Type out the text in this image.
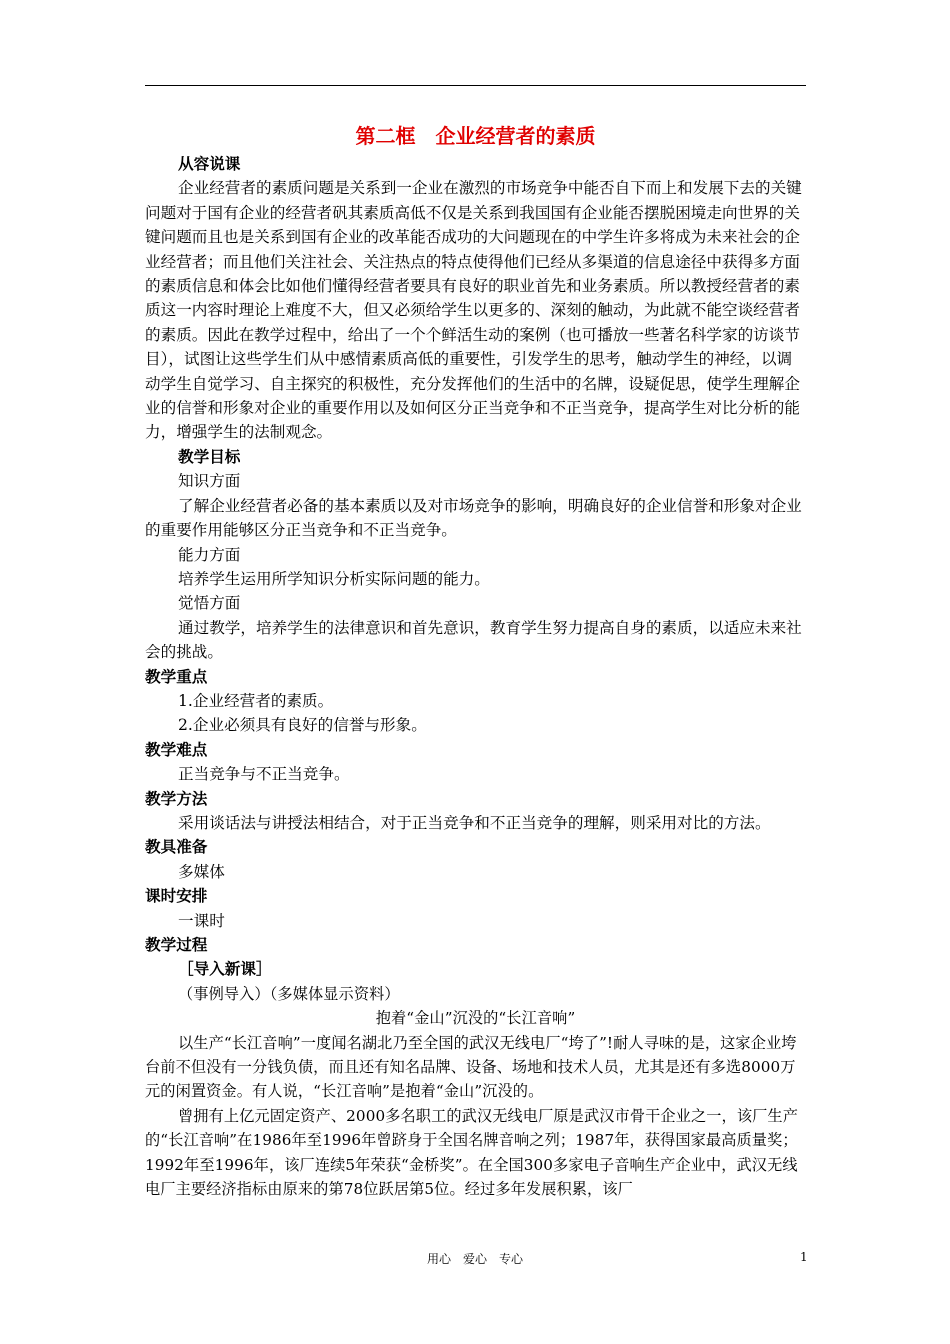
第二框　企业经营者的素质

从容说课

企业经营者的素质问题是关系到一企业在激烈的市场竞争中能否自下而上和发展下去的关键问题对于国有企业的经营者矾其素质高低不仅是关系到我国国有企业能否摆脱困境走向世界的关键问题而且也是关系到国有企业的改革能否成功的大问题现在的中学生许多将成为未来社会的企业经营者；而且他们关注社会、关注热点的特点使得他们已经从多渠道的信息途径中获得多方面的素质信息和体会比如他们懂得经营者要具有良好的职业首先和业务素质。所以教授经营者的素质这一内容时理论上难度不大，但又必须给学生以更多的、深刻的触动，为此就不能空谈经营者的素质。因此在教学过程中，给出了一个个鲜活生动的案例（也可播放一些著名科学家的访谈节目），试图让这些学生们从中感情素质高低的重要性，引发学生的思考，触动学生的神经，以调动学生自觉学习、自主探究的积极性，充分发挥他们的生活中的名牌，设疑促思，使学生理解企业的信誉和形象对企业的重要作用以及如何区分正当竞争和不正当竞争，提高学生对比分析的能力，增强学生的法制观念。

教学目标

知识方面

了解企业经营者必备的基本素质以及对市场竞争的影响，明确良好的企业信誉和形象对企业的重要作用能够区分正当竞争和不正当竞争。

能力方面

培养学生运用所学知识分析实际问题的能力。

觉悟方面

通过教学，培养学生的法律意识和首先意识，教育学生努力提高自身的素质，以适应未来社会的挑战。

教学重点

1.企业经营者的素质。

2.企业必须具有良好的信誉与形象。

教学难点

正当竞争与不正当竞争。

教学方法

采用谈话法与讲授法相结合，对于正当竞争和不正当竞争的理解，则采用对比的方法。

教具准备

多媒体

课时安排

一课时

教学过程

［导入新课］

（事例导入）（多媒体显示资料）

抱着“金山”沉没的“长江音响”

以生产“长江音响”一度闻名湖北乃至全国的武汉无线电厂“垮了”!耐人寻味的是，这家企业垮台前不但没有一分钱负债，而且还有知名品牌、设备、场地和技术人员，尤其是还有多选8000万元的闲置资金。有人说，“长江音响”是抱着“金山”沉没的。

曾拥有上亿元固定资产、2000多名职工的武汉无线电厂原是武汉市骨干企业之一，该厂生产的“长江音响”在1986年至1996年曾跻身于全国名牌音响之列；1987年，获得国家最高质量奖；1992年至1996年，该厂连续5年荣获“金桥奖”。在全国300多家电子音响生产企业中，武汉无线电厂主要经济指标由原来的第78位跃居第5位。经过多年发展积累，该厂

用心　爱心　专心	1
